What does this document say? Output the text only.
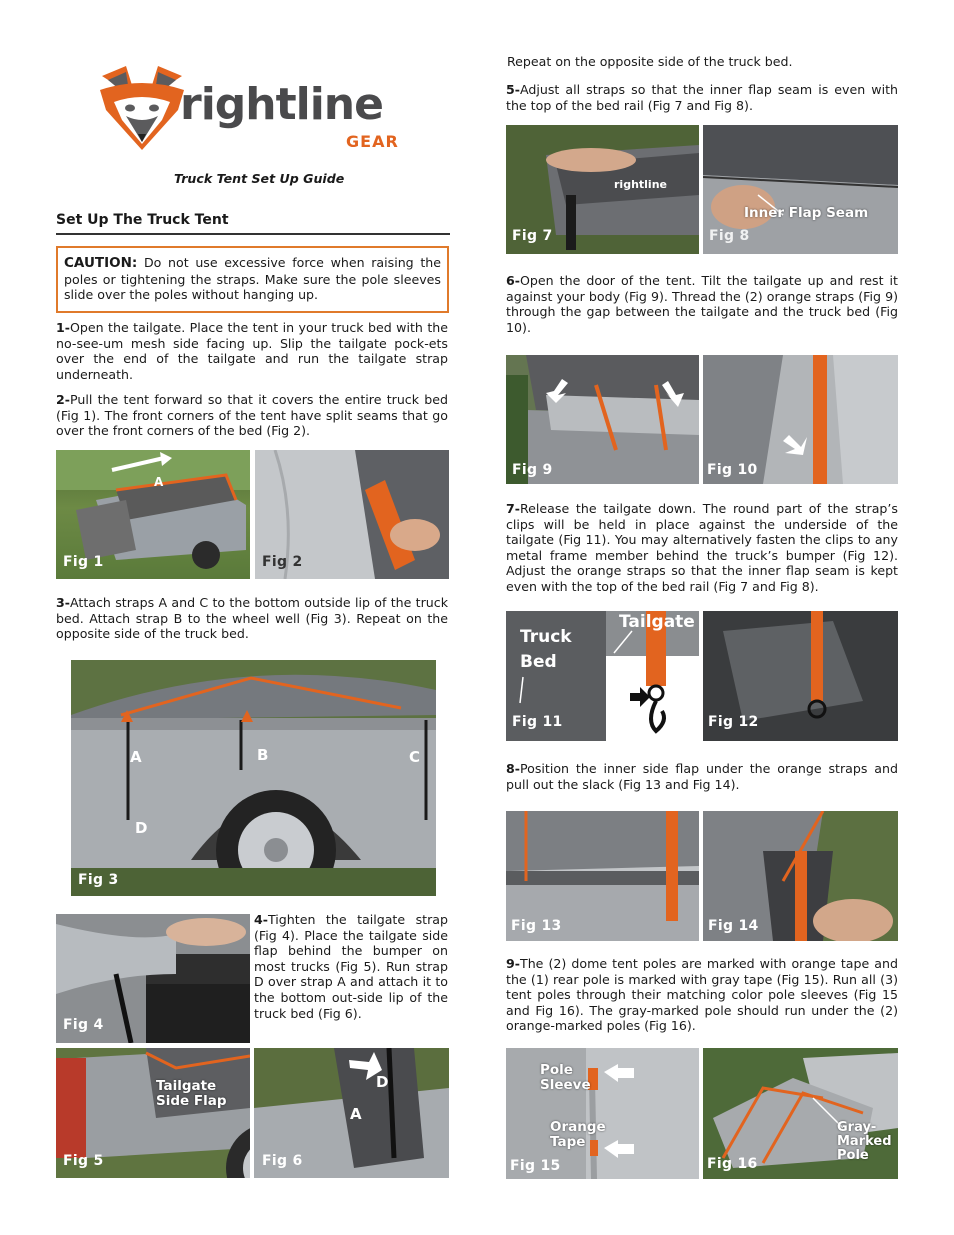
rightline
GEAR
Truck Tent Set Up Guide
Set Up The Truck Tent
CAUTION: Do not use excessive force when raising the poles or tightening the straps. Make sure the pole sleeves slide over the poles without hanging up.
1-Open the tailgate. Place the tent in your truck bed with the no-see-um mesh side facing up. Slip the tailgate pock-ets over the end of the tailgate and run the tailgate strap underneath.
2-Pull the tent forward so that it covers the entire truck bed (Fig 1). The front corners of the tent have split seams that go over the front corners of the bed (Fig 2).
A
Fig 1	Fig 2
3-Attach straps A and C to the bottom outside lip of the truck bed. Attach strap B to the wheel well (Fig 3). Repeat on the opposite side of the truck bed.
A	B	C
D
Fig 3
Fig 4
4-Tighten the tailgate strap (Fig 4). Place the tailgate side flap behind the bumper on most trucks (Fig 5). Run strap D over strap A and attach it to the bottom out-side lip of the truck bed (Fig 6).
Tailgate Side Flap
Fig 5
D
A
Fig 6
Repeat on the opposite side of the truck bed.
5-Adjust all straps so that the inner flap seam is even with the top of the bed rail (Fig 7 and Fig 8).
rightline
Fig 7
Inner Flap Seam
Fig 8
6-Open the door of the tent. Tilt the tailgate up and rest it against your body (Fig 9). Thread the (2) orange straps (Fig 9) through the gap between the tailgate and the truck bed (Fig 10).
Fig 9	Fig 10
7-Release the tailgate down. The round part of the strap’s clips will be held in place against the underside of the tailgate (Fig 11). You may alternatively fasten the clips to any metal frame member behind the truck’s bumper (Fig 12). Adjust the orange straps so that the inner flap seam is kept even with the top of the bed rail (Fig 7 and Fig 8).
Truck
Bed
Tailgate
Fig 11	Fig 12
8-Position the inner side flap under the orange straps and pull out the slack (Fig 13 and Fig 14).
Fig 13	Fig 14
9-The (2) dome tent poles are marked with orange tape and the (1) rear pole is marked with gray tape (Fig 15). Run all (3) tent poles through their matching color pole sleeves (Fig 15 and Fig 16). The gray-marked pole should run under the (2) orange-marked poles (Fig 16).
Pole Sleeve
Orange Tape
Fig 15
Gray-Marked Pole
Fig 16
